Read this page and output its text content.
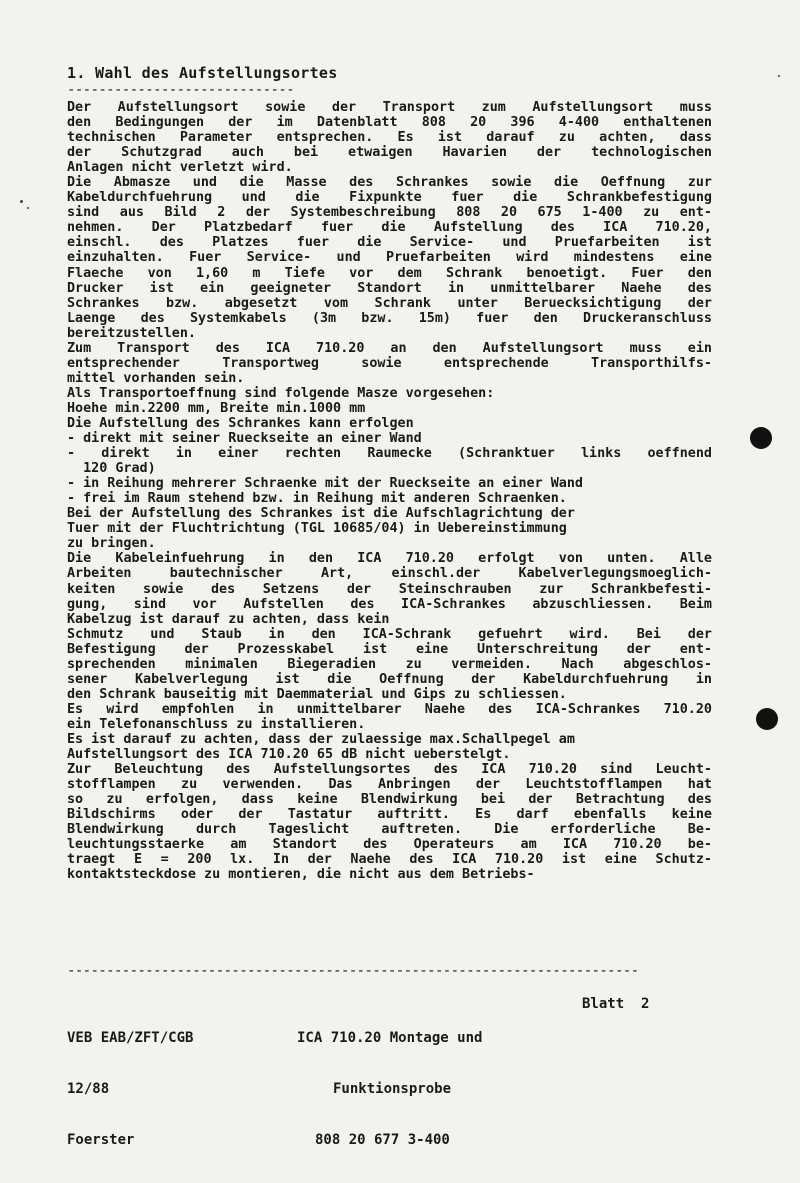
1. Wahl des Aufstellungsortes
-----------------------------
Der Aufstellungsort sowie der Transport zum Aufstellungsort muss
den Bedingungen der im Datenblatt 808 20 396 4-400 enthaltenen
technischen Parameter entsprechen. Es ist darauf zu achten, dass
der Schutzgrad auch bei etwaigen Havarien der technologischen
Anlagen nicht verletzt wird.
Die Abmasze und die Masse des Schrankes sowie die Oeffnung zur
Kabeldurchfuehrung und die Fixpunkte fuer die Schrankbefestigung
sind aus Bild 2 der Systembeschreibung 808 20 675 1-400 zu ent-
nehmen. Der Platzbedarf fuer die Aufstellung des ICA 710.20,
einschl. des Platzes fuer die Service- und Pruefarbeiten ist
einzuhalten. Fuer Service- und Pruefarbeiten wird mindestens eine
Flaeche von 1,60 m Tiefe vor dem Schrank benoetigt. Fuer den
Drucker ist ein geeigneter Standort in unmittelbarer Naehe des
Schrankes bzw. abgesetzt vom Schrank unter Beruecksichtigung der
Laenge des Systemkabels (3m bzw. 15m) fuer den Druckeranschluss
bereitzustellen.
Zum Transport des ICA 710.20 an den Aufstellungsort muss ein
entsprechender Transportweg sowie entsprechende Transporthilfs-
mittel vorhanden sein.
Als Transportoeffnung sind folgende Masze vorgesehen:
Hoehe min.2200 mm, Breite min.1000 mm
Die Aufstellung des Schrankes kann erfolgen
- direkt mit seiner Rueckseite an einer Wand
- direkt in einer rechten Raumecke (Schranktuer links oeffnend
120 Grad)
- in Reihung mehrerer Schraenke mit der Rueckseite an einer Wand
- frei im Raum stehend bzw. in Reihung mit anderen Schraenken.
Bei der Aufstellung des Schrankes ist die Aufschlagrichtung der
Tuer mit der Fluchtrichtung (TGL 10685/04) in Uebereinstimmung
zu bringen.
Die Kabeleinfuehrung in den ICA 710.20 erfolgt von unten. Alle
Arbeiten bautechnischer Art, einschl.der Kabelverlegungsmoeglich-
keiten sowie des Setzens der Steinschrauben zur Schrankbefesti-
gung, sind vor Aufstellen des ICA-Schrankes abzuschliessen. Beim
Kabelzug ist darauf zu achten, dass kein
Schmutz und Staub in den ICA-Schrank gefuehrt wird. Bei der
Befestigung der Prozesskabel ist eine Unterschreitung der ent-
sprechenden minimalen Biegeradien zu vermeiden. Nach abgeschlos-
sener Kabelverlegung ist die Oeffnung der Kabeldurchfuehrung in
den Schrank bauseitig mit Daemmaterial und Gips zu schliessen.
Es wird empfohlen in unmittelbarer Naehe des ICA-Schrankes 710.20
ein Telefonanschluss zu installieren.
Es ist darauf zu achten, dass der zulaessige max.Schallpegel am
Aufstellungsort des ICA 710.20 65 dB nicht ueberstelgt.
Zur Beleuchtung des Aufstellungsortes des ICA 710.20 sind Leucht-
stofflampen zu verwenden. Das Anbringen der Leuchtstofflampen hat
so zu erfolgen, dass keine Blendwirkung bei der Betrachtung des
Bildschirms oder der Tastatur auftritt. Es darf ebenfalls keine
Blendwirkung durch Tageslicht auftreten. Die erforderliche Be-
leuchtungsstaerke am Standort des Operateurs am ICA 710.20 be-
traegt E = 200 lx. In der Naehe des ICA 710.20 ist eine Schutz-
kontaktsteckdose zu montieren, die nicht aus dem Betriebs-
-------------------------------------------------------------------------

VEB EAB/ZFT/CGB

12/88

Foerster

ICA 710.20 Montage und

Funktionsprobe

808 20 677 3-400

Blatt  2
